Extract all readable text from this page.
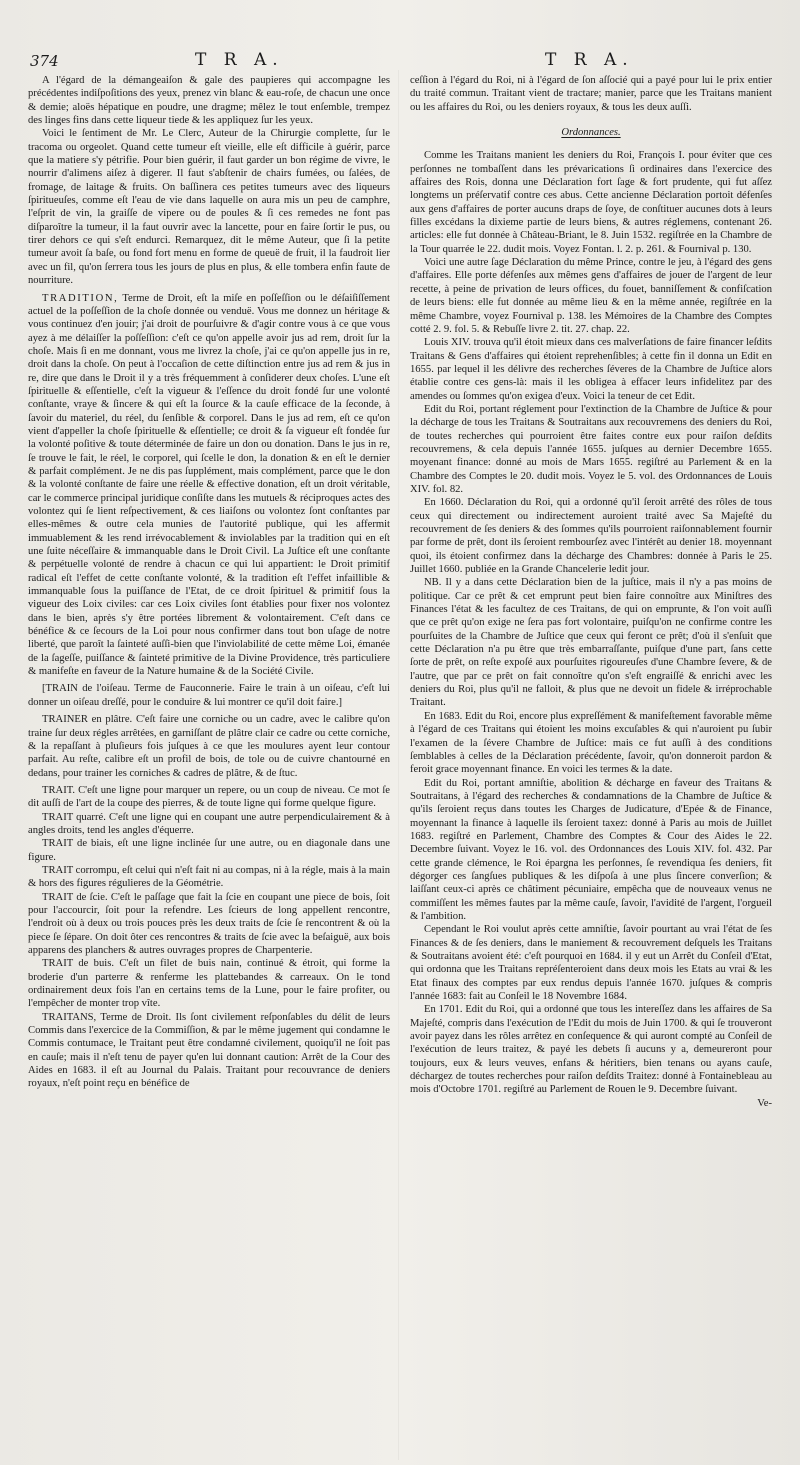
374	T R A.	T R A.

A l'égard de la démangeaiſon & gale des paupieres qui accompagne les précédentes indiſpoſitions des yeux, prenez vin blanc & eau-roſe, de chacun une once & demie; aloës hépatique en poudre, une dragme; mêlez le tout enſemble, trempez des linges fins dans cette liqueur tiede & les appliquez ſur les yeux.

Voici le ſentiment de Mr. Le Clerc, Auteur de la Chirurgie complette, ſur le tracoma ou orgeolet. Quand cette tumeur eſt vieille, elle eſt difficile à guérir, parce que la matiere s'y pétrifie. Pour bien guérir, il faut garder un bon régime de vivre, le nourrir d'alimens aiſez à digerer. Il faut s'abſtenir de chairs fumées, ou ſalées, de fromage, de laitage & fruits. On baſſinera ces petites tumeurs avec des liqueurs ſpiritueuſes, comme eſt l'eau de vie dans laquelle on aura mis un peu de camphre, l'eſprit de vin, la graiſſe de vipere ou de poules & ſi ces remedes ne font pas diſparoître la tumeur, il la faut ouvrir avec la lancette, pour en faire ſortir le pus, ou tirer dehors ce qui s'eſt endurci. Remarquez, dit le même Auteur, que ſi la petite tumeur avoit ſa baſe, ou fond fort menu en forme de queuë de fruit, il la faudroit lier avec un fil, qu'on ſerrera tous les jours de plus en plus, & elle tombera enfin faute de nourriture.

TRADITION, Terme de Droit, eſt la miſe en poſſeſſion ou le déſaiſiſſement actuel de la poſſeſſion de la choſe donnée ou venduë. Vous me donnez un héritage & vous continuez d'en jouir; j'ai droit de pourſuivre & d'agir contre vous à ce que vous ayez à me délaiſſer la poſſeſſion: c'eſt ce qu'on appelle avoir jus ad rem, droit ſur la choſe. Mais ſi en me donnant, vous me livrez la choſe, j'ai ce qu'on appelle jus in re, droit dans la choſe. On peut à l'occaſion de cette diſtinction entre jus ad rem & jus in re, dire que dans le Droit il y a très fréquemment à conſiderer deux choſes. L'une eſt ſpirituelle & eſſentielle, c'eſt la vigueur & l'eſſence du droit fondé ſur une volonté conſtante, vraye & ſincere & qui eſt la ſource & la cauſe efficace de la ſeconde, à ſavoir du materiel, du réel, du ſenſible & corporel. Dans le jus ad rem, eſt ce qu'on vient d'appeller la choſe ſpirituelle & eſſentielle; ce droit & ſa vigueur eſt fondée ſur la volonté poſitive & toute déterminée de faire un don ou donation. Dans le jus in re, ſe trouve le fait, le réel, le corporel, qui ſcelle le don, la donation & en eſt le dernier & parfait complément. Je ne dis pas ſupplément, mais complément, parce que le don & la volonté conſtante de faire une réelle & effective donation, eſt un droit véritable, car le commerce principal juridique conſiſte dans les mutuels & réciproques actes des volontez qui ſe lient reſpectivement, & ces liaiſons ou volontez ſont conſtantes par elles-mêmes & outre cela munies de l'autorité publique, qui les affermit immuablement & les rend irrévocablement & inviolables par la tradition qui en eſt une ſuite néceſſaire & immanquable dans le Droit Civil. La Juſtice eſt une conſtante & perpétuelle volonté de rendre à chacun ce qui lui appartient: le Droit primitif radical eſt l'effet de cette conſtante volonté, & la tradition eſt l'effet infaillible & immanquable ſous la puiſſance de l'Etat, de ce droit ſpirituel & primitif ſous la vigueur des Loix civiles: car ces Loix civiles ſont établies pour fixer nos volontez dans le bien, après s'y être portées librement & volontairement. C'eſt dans ce bénéfice & ce ſecours de la Loi pour nous confirmer dans tout bon uſage de notre liberté, que paroît la ſainteté auſſi-bien que l'inviolabilité de cette même Loi, émanée de la ſageſſe, puiſſance & ſainteté primitive de la Divine Providence, très particuliere & manifeſte en faveur de la Nature humaine & de la Société Civile.

[TRAIN de l'oiſeau. Terme de Fauconnerie. Faire le train à un oiſeau, c'eſt lui donner un oiſeau dreſſé, pour le conduire & lui montrer ce qu'il doit faire.]

TRAINER en plâtre. C'eſt faire une corniche ou un cadre, avec le calibre qu'on traine ſur deux régles arrêtées, en garniſſant de plâtre clair ce cadre ou cette corniche, & la repaſſant à pluſieurs fois juſques à ce que les moulures ayent leur contour parfait. Au reſte, calibre eſt un profil de bois, de tole ou de cuivre chantourné en dedans, pour trainer les corniches & cadres de plâtre, & de ſtuc.

TRAIT. C'eſt une ligne pour marquer un repere, ou un coup de niveau. Ce mot ſe dit auſſi de l'art de la coupe des pierres, & de toute ligne qui forme quelque figure.

TRAIT quarré. C'eſt une ligne qui en coupant une autre perpendiculairement & à angles droits, tend les angles d'équerre.

TRAIT de biais, eſt une ligne inclinée ſur une autre, ou en diagonale dans une figure.

TRAIT corrompu, eſt celui qui n'eſt fait ni au compas, ni à la régle, mais à la main & hors des figures régulieres de la Géométrie.

TRAIT de ſcie. C'eſt le paſſage que fait la ſcie en coupant une piece de bois, ſoit pour l'accourcir, ſoit pour la refendre. Les ſcieurs de long appellent rencontre, l'endroit où à deux ou trois pouces près les deux traits de ſcie ſe rencontrent & où la piece ſe ſépare. On doit ôter ces rencontres & traits de ſcie avec la beſaiguë, aux bois apparens des planchers & autres ouvrages propres de Charpenterie.

TRAIT de buis. C'eſt un filet de buis nain, continué & étroit, qui forme la broderie d'un parterre & renferme les plattebandes & carreaux. On le tond ordinairement deux fois l'an en certains tems de la Lune, pour le faire profiter, ou l'empêcher de monter trop vîte.

TRAITANS, Terme de Droit. Ils ſont civilement reſponſables du délit de leurs Commis dans l'exercice de la Commiſſion, & par le même jugement qui condamne le Commis contumace, le Traitant peut être condamné civilement, quoiqu'il ne ſoit pas en cauſe; mais il n'eſt tenu de payer qu'en lui donnant caution: Arrêt de la Cour des Aides en 1683. il eſt au Journal du Palais. Traitant pour recouvrance de deniers royaux, n'eſt point reçu en bénéfice de

ceſſion à l'égard du Roi, ni à l'égard de ſon aſſocié qui a payé pour lui le prix entier du traité commun. Traitant vient de tractare; manier, parce que les Traitans manient ou les affaires du Roi, ou les deniers royaux, & tous les deux auſſi.

Ordonnances.

Comme les Traitans manient les deniers du Roi, François I. pour éviter que ces perſonnes ne tombaſſent dans les prévarications ſi ordinaires dans l'exercice des affaires des Rois, donna une Déclaration fort ſage & fort prudente, qui fut aſſez longtems un préſervatif contre ces abus. Cette ancienne Déclaration portoit défenſes aux gens d'affaires de porter aucuns draps de ſoye, de conſtituer aucunes dots à leurs filles excédans la dixieme partie de leurs biens, & autres réglemens, contenant 26. articles: elle fut donnée à Château-Briant, le 8. Juin 1532. regiſtrée en la Chambre de la Tour quarrée le 22. dudit mois. Voyez Fontan. l. 2. p. 261. & Fournival p. 130.

Voici une autre ſage Déclaration du même Prince, contre le jeu, à l'égard des gens d'affaires. Elle porte défenſes aux mêmes gens d'affaires de jouer de l'argent de leur recette, à peine de privation de leurs offices, du fouet, banniſſement & confiſcation de leurs biens: elle fut donnée au même lieu & en la même année, regiſtrée en la même Chambre, voyez Fournival p. 138. les Mémoires de la Chambre des Comptes cotté 2. 9. fol. 5. & Rebuſſe livre 2. tit. 27. chap. 22.

Louis XIV. trouva qu'il étoit mieux dans ces malverſations de faire financer leſdits Traitans & Gens d'affaires qui étoient reprehenſibles; à cette fin il donna un Edit en 1655. par lequel il les délivre des recherches ſéveres de la Chambre de Juſtice alors établie contre ces gens-là: mais il les obligea à effacer leurs infidelitez par des amendes ou ſommes qu'on exigea d'eux. Voici la teneur de cet Edit.

Edit du Roi, portant réglement pour l'extinction de la Chambre de Juſtice & pour la décharge de tous les Traitans & Soutraitans aux recouvremens des deniers du Roi, de toutes recherches qui pourroient être faites contre eux pour raiſon deſdits recouvremens, & cela depuis l'année 1655. juſques au dernier Decembre 1655. moyenant finance: donné au mois de Mars 1655. regiſtré au Parlement & en la Chambre des Comptes le 20. dudit mois. Voyez le 5. vol. des Ordonnances de Louis XIV. fol. 82.

En 1660. Déclaration du Roi, qui a ordonné qu'il ſeroit arrêté des rôles de tous ceux qui directement ou indirectement auroient traité avec Sa Majeſté du recouvrement de ſes deniers & des ſommes qu'ils pourroient raiſonnablement fournir par forme de prêt, dont ils ſeroient rembourſez avec l'intérêt au denier 18. moyennant quoi, ils étoient confirmez dans la décharge des Chambres: donnée à Paris le 25. Juillet 1660. publiée en la Grande Chancelerie ledit jour.

NB. Il y a dans cette Déclaration bien de la juſtice, mais il n'y a pas moins de politique. Car ce prêt & cet emprunt peut bien faire connoître aux Miniſtres des Finances l'état & les facultez de ces Traitans, de qui on emprunte, & l'on voit auſſi que ce prêt qu'on exige ne ſera pas fort volontaire, puiſqu'on ne confirme contre les pourſuites de la Chambre de Juſtice que ceux qui feront ce prêt; d'où il s'enſuit que cette Déclaration n'a pu être que très embarraſſante, puiſque d'une part, ſans cette ſorte de prêt, on reſte expoſé aux pourſuites rigoureuſes d'une Chambre ſevere, & de l'autre, que par ce prêt on fait connoître qu'on s'eſt engraiſſé & enrichi avec les deniers du Roi, plus qu'il ne falloit, & plus que ne devoit un fidele & irréprochable Traitant.

En 1683. Edit du Roi, encore plus expreſſément & manifeſtement favorable même à l'égard de ces Traitans qui étoient les moins excuſables & qui n'auroient pu ſubir l'examen de la ſévere Chambre de Juſtice: mais ce fut auſſi à des conditions ſemblables à celles de la Déclaration précédente, ſavoir, qu'on donneroit pardon & feroit grace moyennant finance. En voici les termes & la date.

Edit du Roi, portant amniſtie, abolition & décharge en faveur des Traitans & Soutraitans, à l'égard des recherches & condamnations de la Chambre de Juſtice & qu'ils ſeroient reçus dans toutes les Charges de Judicature, d'Epée & de Finance, moyennant la finance à laquelle ils ſeroient taxez: donné à Paris au mois de Juillet 1683. regiſtré en Parlement, Chambre des Comptes & Cour des Aides le 22. Decembre ſuivant. Voyez le 16. vol. des Ordonnances des Louis XIV. fol. 432. Par cette grande clémence, le Roi épargna les perſonnes, ſe revendiqua ſes deniers, fit dégorger ces ſangſues publiques & les diſpoſa à une plus ſincere converſion; & laiſſant ceux-ci après ce châtiment pécuniaire, empêcha que de nouveaux venus ne commiſſent les mêmes fautes par la même cauſe, ſavoir, l'avidité de l'argent, l'orgueil & l'ambition.

Cependant le Roi voulut après cette amniſtie, ſavoir pourtant au vrai l'état de ſes Finances & de ſes deniers, dans le maniement & recouvrement deſquels les Traitans & Soutraitans avoient été: c'eſt pourquoi en 1684. il y eut un Arrêt du Conſeil d'Etat, qui ordonna que les Traitans repréſenteroient dans deux mois les Etats au vrai & les Etat finaux des comptes par eux rendus depuis l'année 1670. juſques & compris l'année 1683: fait au Conſeil le 18 Novembre 1684.

En 1701. Edit du Roi, qui a ordonné que tous les intereſſez dans les affaires de Sa Majeſté, compris dans l'exécution de l'Edit du mois de Juin 1700. & qui ſe trouveront avoir payez dans les rôles arrêtez en conſequence & qui auront compté au Conſeil de l'exécution de leurs traitez, & payé les debets ſi aucuns y a, demeureront pour toujours, eux & leurs veuves, enfans & héritiers, bien tenans ou ayans cauſe, déchargez de toutes recherches pour raiſon deſdits Traitez: donné à Fontainebleau au mois d'Octobre 1701. regiſtré au Parlement de Rouen le 9. Decembre ſuivant.

Ve-
